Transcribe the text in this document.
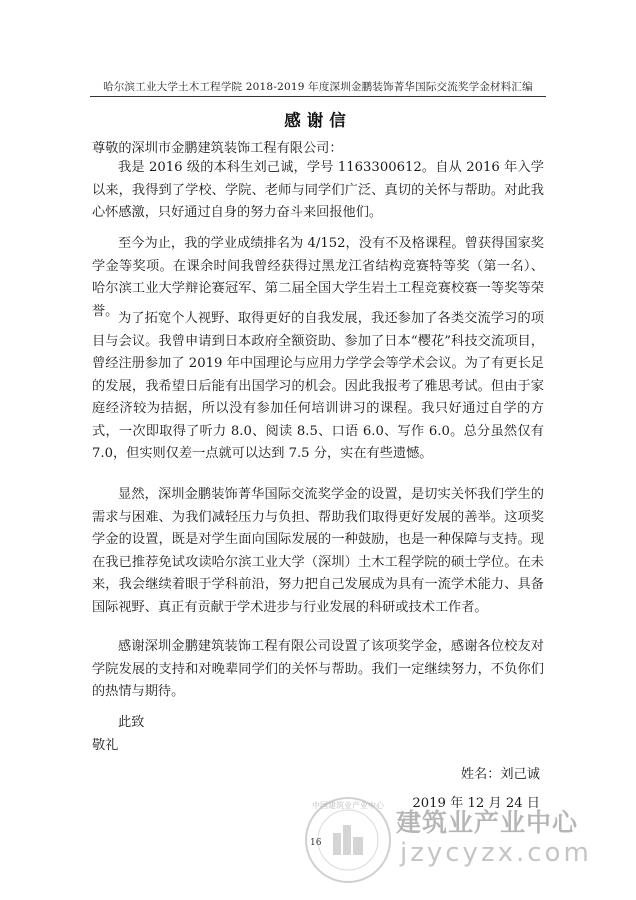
哈尔滨工业大学土木工程学院 2018-2019 年度深圳金鹏装饰菁华国际交流奖学金材料汇编
感谢信
尊敬的深圳市金鹏建筑装饰工程有限公司：

我是 2016 级的本科生刘己诚，学号 1163300612。自从 2016 年入学以来，我得到了学校、学院、老师与同学们广泛、真切的关怀与帮助。对此我心怀感激，只好通过自身的努力奋斗来回报他们。

至今为止，我的学业成绩排名为 4/152，没有不及格课程。曾获得国家奖学金等奖项。在课余时间我曾经获得过黑龙江省结构竞赛特等奖（第一名）、哈尔滨工业大学辩论赛冠军、第二届全国大学生岩土工程竞赛校赛一等奖等荣誉。 为了拓宽个人视野、取得更好的自我发展，我还参加了各类交流学习的项目与会议。我曾申请到日本政府全额资助、参加了日本“樱花”科技交流项目，曾经注册参加了 2019 年中国理论与应用力学学会等学术会议。为了有更长足的发展，我希望日后能有出国学习的机会。因此我报考了雅思考试。但由于家庭经济较为拮据，所以没有参加任何培训讲习的课程。我只好通过自学的方式，一次即取得了听力 8.0、阅读 8.5、口语 6.0、写作 6.0。总分虽然仅有 7.0，但实则仅差一点就可以达到 7.5 分，实在有些遗憾。

显然，深圳金鹏装饰菁华国际交流奖学金的设置，是切实关怀我们学生的需求与困难、为我们减轻压力与负担、帮助我们取得更好发展的善举。这项奖学金的设置，既是对学生面向国际发展的一种鼓励，也是一种保障与支持。现在我已推荐免试攻读哈尔滨工业大学（深圳）土木工程学院的硕士学位。在未来，我会继续着眼于学科前沿，努力把自己发展成为具有一流学术能力、具备国际视野、真正有贡献于学术进步与行业发展的科研或技术工作者。

感谢深圳金鹏建筑装饰工程有限公司设置了该项奖学金，感谢各位校友对学院发展的支持和对晚辈同学们的关怀与帮助。我们一定继续努力，不负你们的热情与期待。

此致
敬礼
姓名：刘己诚
2019 年 12 月 24 日
中国建筑业产业中心
16
建筑业产业中心
jzycyzx.com
